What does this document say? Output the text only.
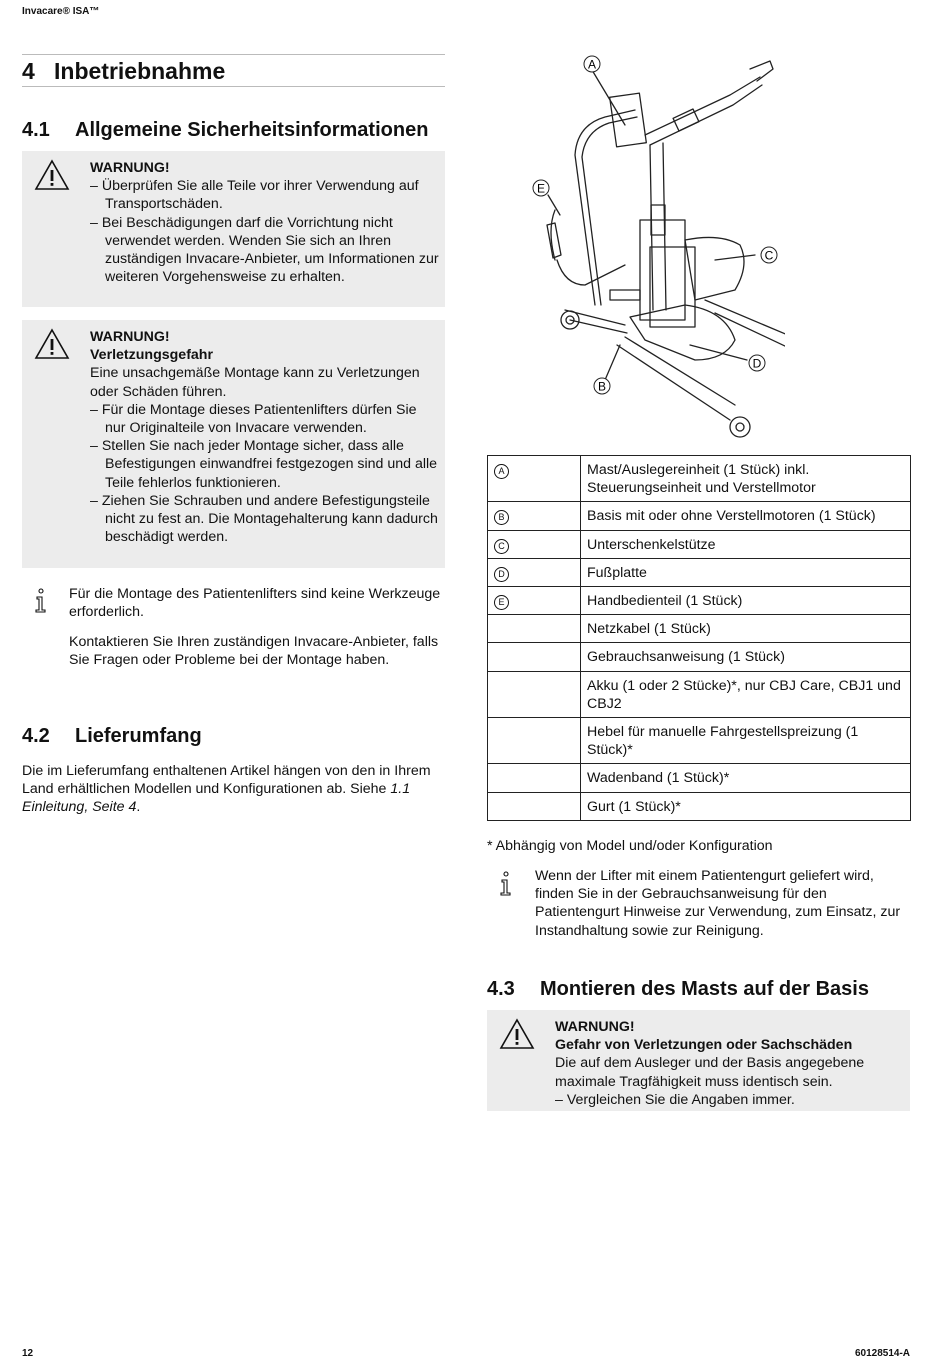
Invacare® ISA™
4 Inbetriebnahme
4.1 Allgemeine Sicherheitsinformationen
WARNUNG!
– Überprüfen Sie alle Teile vor ihrer Verwendung auf Transportschäden.
– Bei Beschädigungen darf die Vorrichtung nicht verwendet werden. Wenden Sie sich an Ihren zuständigen Invacare-Anbieter, um Informationen zur weiteren Vorgehensweise zu erhalten.
WARNUNG!
Verletzungsgefahr
Eine unsachgemäße Montage kann zu Verletzungen oder Schäden führen.
– Für die Montage dieses Patientenlifters dürfen Sie nur Originalteile von Invacare verwenden.
– Stellen Sie nach jeder Montage sicher, dass alle Befestigungen einwandfrei festgezogen sind und alle Teile fehlerlos funktionieren.
– Ziehen Sie Schrauben und andere Befestigungsteile nicht zu fest an. Die Montagehalterung kann dadurch beschädigt werden.
Für die Montage des Patientenlifters sind keine Werkzeuge erforderlich.
Kontaktieren Sie Ihren zuständigen Invacare-Anbieter, falls Sie Fragen oder Probleme bei der Montage haben.
4.2 Lieferumfang
Die im Lieferumfang enthaltenen Artikel hängen von den in Ihrem Land erhältlichen Modellen und Konfigurationen ab. Siehe 1.1 Einleitung, Seite 4.
A
B
C
D
E
A	Mast/Auslegereinheit (1 Stück) inkl. Steuerungseinheit und Verstellmotor
B	Basis mit oder ohne Verstellmotoren (1 Stück)
C	Unterschenkelstütze
D	Fußplatte
E	Handbedienteil (1 Stück)
	Netzkabel (1 Stück)
	Gebrauchsanweisung (1 Stück)
	Akku (1 oder 2 Stücke)*, nur CBJ Care, CBJ1 und CBJ2
	Hebel für manuelle Fahrgestellspreizung (1 Stück)*
	Wadenband (1 Stück)*
	Gurt (1 Stück)*
* Abhängig von Model und/oder Konfiguration
Wenn der Lifter mit einem Patientengurt geliefert wird, finden Sie in der Gebrauchsanweisung für den Patientengurt Hinweise zur Verwendung, zum Einsatz, zur Instandhaltung sowie zur Reinigung.
4.3 Montieren des Masts auf der Basis
WARNUNG!
Gefahr von Verletzungen oder Sachschäden
Die auf dem Ausleger und der Basis angegebene maximale Tragfähigkeit muss identisch sein.
– Vergleichen Sie die Angaben immer.
12	60128514-A
